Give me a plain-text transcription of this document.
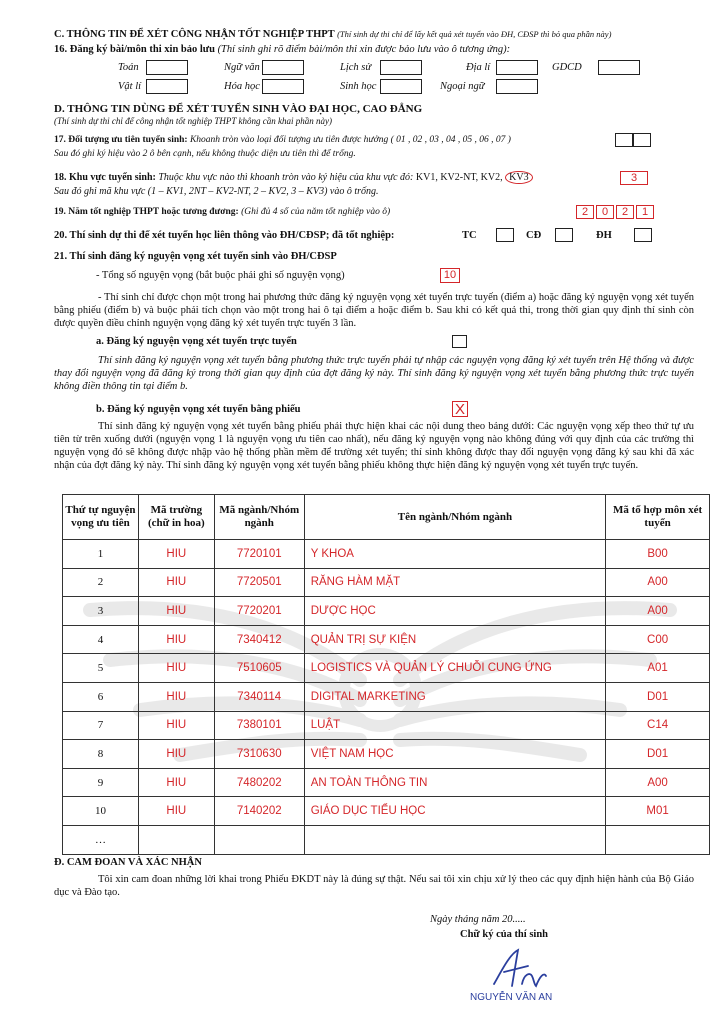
C. THÔNG TIN ĐỂ XÉT CÔNG NHẬN TỐT NGHIỆP THPT (Thí sinh dự thi chỉ để lấy kết quả xét tuyển vào ĐH, CĐSP thì bỏ qua phần này)
16. Đăng ký bài/môn thi xin bảo lưu (Thí sinh ghi rõ điểm bài/môn thi xin được bảo lưu vào ô tương ứng):
Toán	Ngữ văn	Lịch sử	Địa lí	GDCD
Vật lí	Hóa học	Sinh học	Ngoại ngữ
D. THÔNG TIN DÙNG ĐỂ XÉT TUYỂN SINH VÀO ĐẠI HỌC, CAO ĐẲNG
(Thí sinh dự thi chỉ để công nhận tốt nghiệp THPT không cần khai phần này)
17. Đối tượng ưu tiên tuyển sinh: Khoanh tròn vào loại đối tượng ưu tiên được hưởng ( 01 , 02 , 03 , 04 , 05 , 06 , 07 )
Sau đó ghi ký hiệu vào 2 ô bên cạnh, nếu không thuộc diện ưu tiên thì để trống.
18. Khu vực tuyển sinh: Thuộc khu vực nào thì khoanh tròn vào ký hiệu của khu vực đó: KV1, KV2-NT, KV2, KV3	3
Sau đó ghi mã khu vực (1 – KV1, 2NT – KV2-NT, 2 – KV2, 3 – KV3) vào ô trống.
19. Năm tốt nghiệp THPT hoặc tương đương: (Ghi đủ 4 số của năm tốt nghiệp vào ô)	2	0	2	1
20. Thí sinh dự thi để xét tuyển học liên thông vào ĐH/CĐSP; đã tốt nghiệp:	TC	CĐ	ĐH
21. Thí sinh đăng ký nguyện vọng xét tuyển sinh vào ĐH/CĐSP
- Tổng số nguyện vọng (bắt buộc phải ghi số nguyện vọng)	10
- Thí sinh chỉ được chọn một trong hai phương thức đăng ký nguyện vọng xét tuyển trực tuyến (điểm a) hoặc đăng ký nguyện vọng xét tuyển bằng phiếu (điểm b) và buộc phải tích chọn vào một trong hai ô tại điểm a hoặc điểm b. Sau khi có kết quả thi, trong thời gian quy định thí sinh còn được quyền điều chỉnh nguyện vọng đăng ký xét tuyển trực tuyến 3 lần.
a. Đăng ký nguyện vọng xét tuyển trực tuyến
Thí sinh đăng ký nguyện vọng xét tuyển bằng phương thức trực tuyến phải tự nhập các nguyện vọng đăng ký xét tuyển trên Hệ thống và được thay đổi nguyện vọng đã đăng ký trong thời gian quy định của đợt đăng ký này. Thí sinh đăng ký nguyện vọng xét tuyển bằng phương thức trực tuyến không điền thông tin tại điểm b.
b. Đăng ký nguyện vọng xét tuyển bằng phiếu	X
Thí sinh đăng ký nguyện vọng xét tuyển bằng phiếu phải thực hiện khai các nội dung theo bảng dưới: Các nguyện vọng xếp theo thứ tự ưu tiên từ trên xuống dưới (nguyện vọng 1 là nguyện vọng ưu tiên cao nhất), nếu đăng ký nguyện vọng nào không đúng với quy định của các trường thì nguyện vọng đó sẽ không được nhập vào hệ thống phần mềm để trường xét tuyển; thí sinh không được thay đổi nguyện vọng đăng ký sau khi đã xác nhận của đợt đăng ký này. Thí sinh đăng ký nguyện vọng xét tuyển bằng phiếu không thực hiện đăng ký nguyện vọng xét tuyển trực tuyến.
Thứ tự nguyện vọng ưu tiên	Mã trường (chữ in hoa)	Mã ngành/Nhóm ngành	Tên ngành/Nhóm ngành	Mã tổ hợp môn xét tuyển
1	HIU	7720101	Y KHOA	B00
2	HIU	7720501	RĂNG HÀM MẶT	A00
3	HIU	7720201	DƯỢC HỌC	A00
4	HIU	7340412	QUẢN TRỊ SỰ KIỆN	C00
5	HIU	7510605	LOGISTICS VÀ QUẢN LÝ CHUỖI CUNG ỨNG	A01
6	HIU	7340114	DIGITAL MARKETING	D01
7	HIU	7380101	LUẬT	C14
8	HIU	7310630	VIỆT NAM HỌC	D01
9	HIU	7480202	AN TOÀN THÔNG TIN	A00
10	HIU	7140202	GIÁO DỤC TIỂU HỌC	M01
…				
Đ. CAM ĐOAN VÀ XÁC NHẬN
Tôi xin cam đoan những lời khai trong Phiếu ĐKDT này là đúng sự thật. Nếu sai tôi xin chịu xử lý theo các quy định hiện hành của Bộ Giáo dục và Đào tạo.
Ngày tháng năm 20.....
Chữ ký của thí sinh
An
NGUYỄN VĂN AN
